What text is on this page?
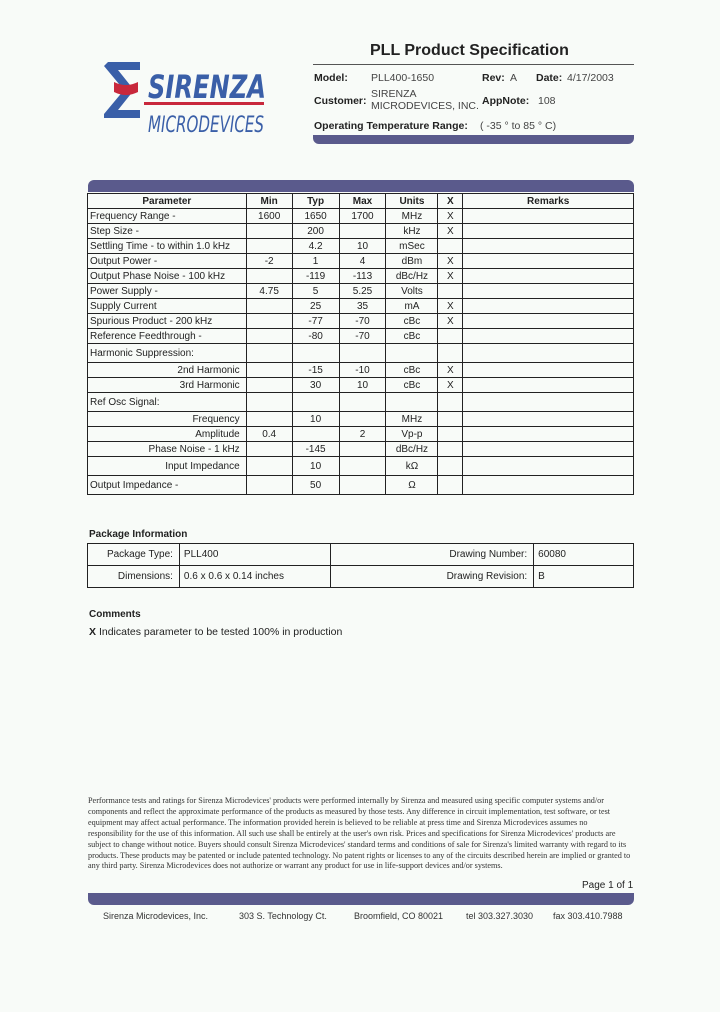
SIRENZA
MICRODEVICES
PLL Product Specification
Model: PLL400-1650	Rev: A Date: 4/17/2003
Customer:
SIRENZA
MICRODEVICES, INC. AppNote: 108
Operating Temperature Range: ( -35 ° to 85 ° C)
Parameter	Min	Typ	Max	Units	X	Remarks
Frequency Range -	1600	1650	1700	MHz	X	
Step Size -		200		kHz	X	
Settling Time - to within 1.0 kHz		4.2	10	mSec		
Output Power -	-2	1	4	dBm	X	
Output Phase Noise - 100 kHz		-119	-113	dBc/Hz	X	
Power Supply -	4.75	5	5.25	Volts		
Supply Current		25	35	mA	X	
Spurious Product - 200 kHz		-77	-70	cBc	X	
Reference Feedthrough -		-80	-70	cBc		
Harmonic Suppression:						
2nd Harmonic		-15	-10	cBc	X	
3rd Harmonic		30	10	cBc	X	
Ref Osc Signal:						
Frequency		10		MHz		
Amplitude	0.4		2	Vp-p		
Phase Noise - 1 kHz		-145		dBc/Hz		
Input Impedance		10		kΩ		
Output Impedance -		50		Ω		
Package Information
Package Type:	PLL400	Drawing Number:	60080
Dimensions:	0.6 x 0.6 x 0.14 inches	Drawing Revision:	B
Comments
X Indicates parameter to be tested 100% in production
Performance tests and ratings for Sirenza Microdevices' products were performed internally by Sirenza and measured using specific computer systems and/or components and reflect the approximate performance of the products as measured by those tests. Any difference in circuit implementation, test software, or test equipment may affect actual performance. The information provided herein is believed to be reliable at press time and Sirenza Microdevices assumes no responsibility for the use of this information. All such use shall be entirely at the user's own risk. Prices and specifications for Sirenza Microdevices' products are subject to change without notice. Buyers should consult Sirenza Microdevices' standard terms and conditions of sale for Sirenza's limited warranty with regard to its products. These products may be patented or include patented technology. No patent rights or licenses to any of the circuits described herein are implied or granted to any third party. Sirenza Microdevices does not authorize or warrant any product for use in life-support devices and/or systems.
Page 1 of 1
Sirenza Microdevices, Inc.	303 S. Technology Ct.	Broomfield, CO 80021	tel 303.327.3030 fax 303.410.7988
